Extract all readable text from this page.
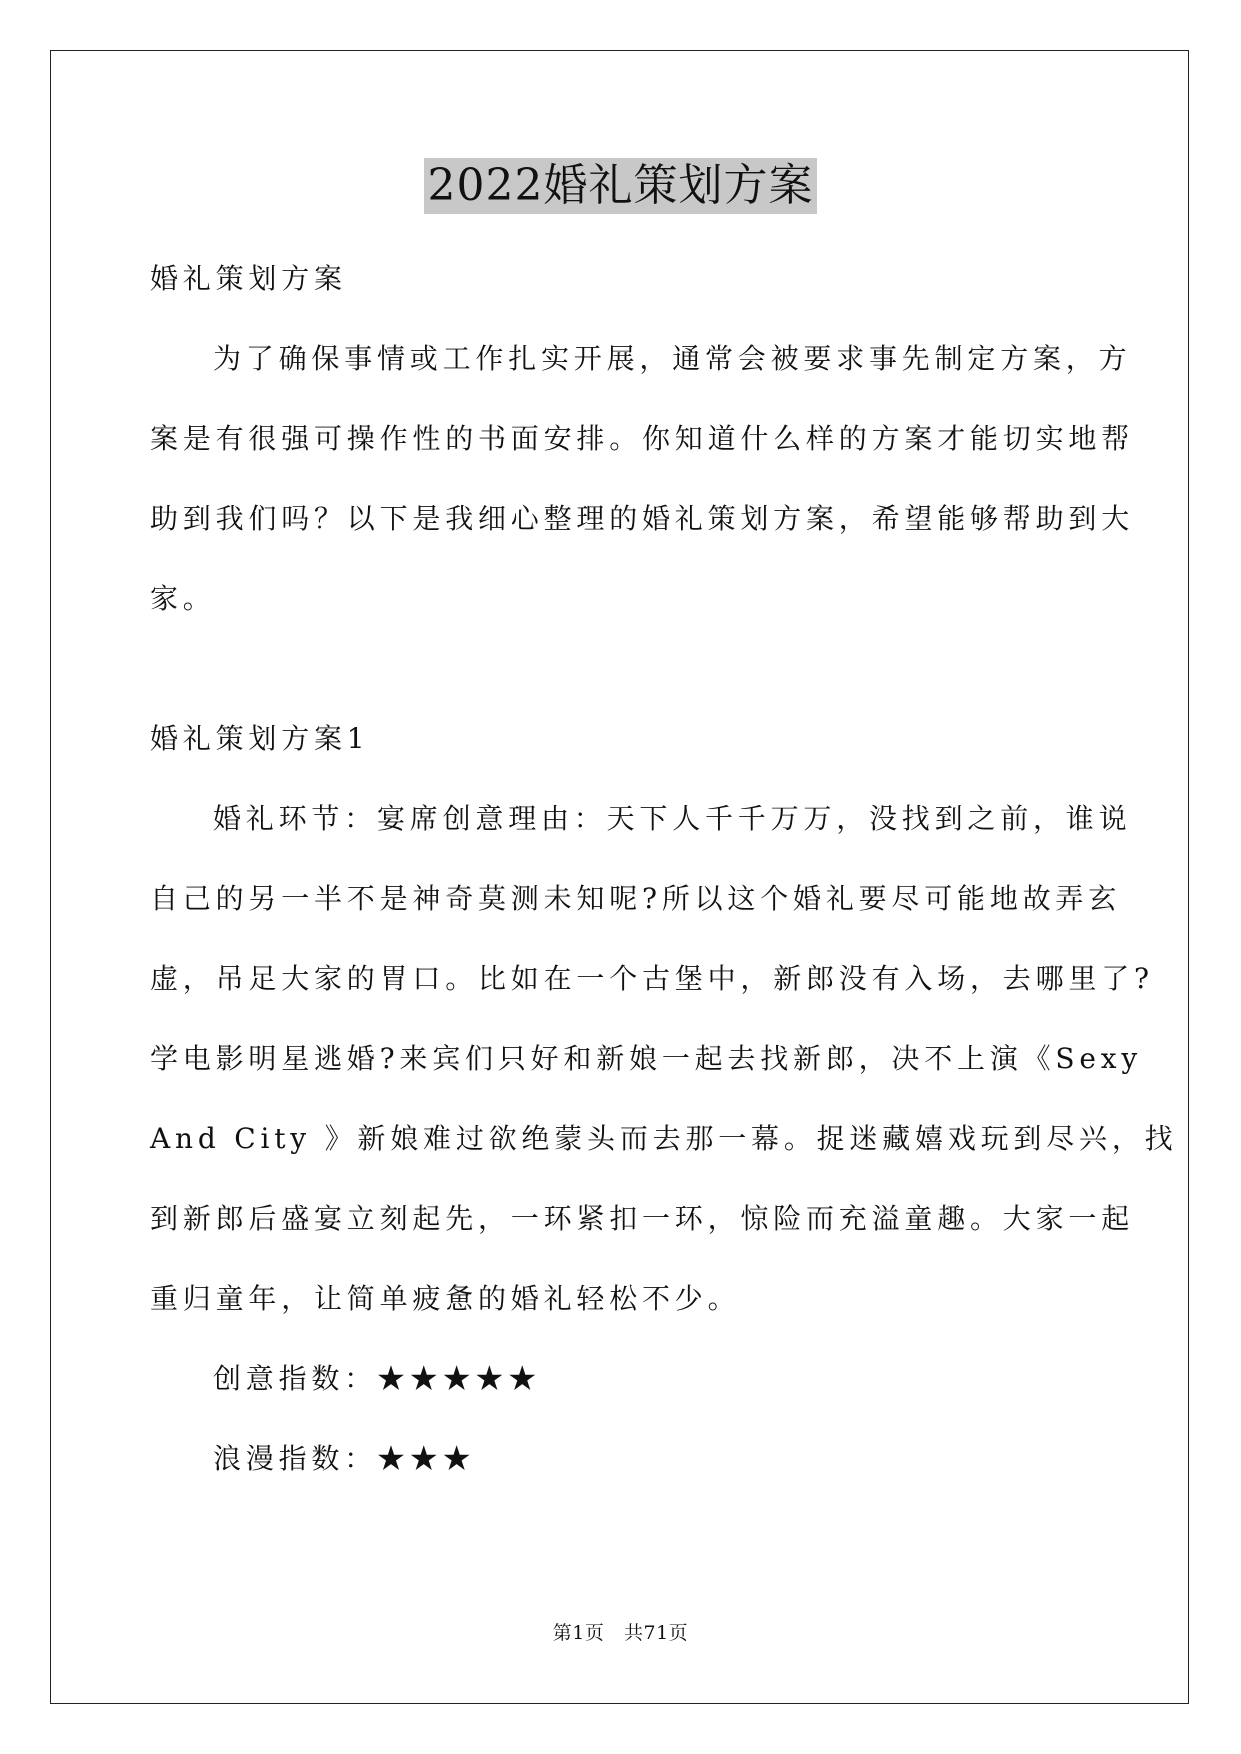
2022婚礼策划方案
婚礼策划方案
为了确保事情或工作扎实开展，通常会被要求事先制定方案，方
案是有很强可操作性的书面安排。你知道什么样的方案才能切实地帮
助到我们吗？以下是我细心整理的婚礼策划方案，希望能够帮助到大
家。
婚礼策划方案1
婚礼环节：宴席创意理由：天下人千千万万，没找到之前，谁说
自己的另一半不是神奇莫测未知呢?所以这个婚礼要尽可能地故弄玄
虚，吊足大家的胃口。比如在一个古堡中，新郎没有入场，去哪里了?
学电影明星逃婚?来宾们只好和新娘一起去找新郎，决不上演《Sexy
And City 》新娘难过欲绝蒙头而去那一幕。捉迷藏嬉戏玩到尽兴，找
到新郎后盛宴立刻起先，一环紧扣一环，惊险而充溢童趣。大家一起
重归童年，让简单疲惫的婚礼轻松不少。
创意指数：★★★★★
浪漫指数：★★★
第1页   共71页
